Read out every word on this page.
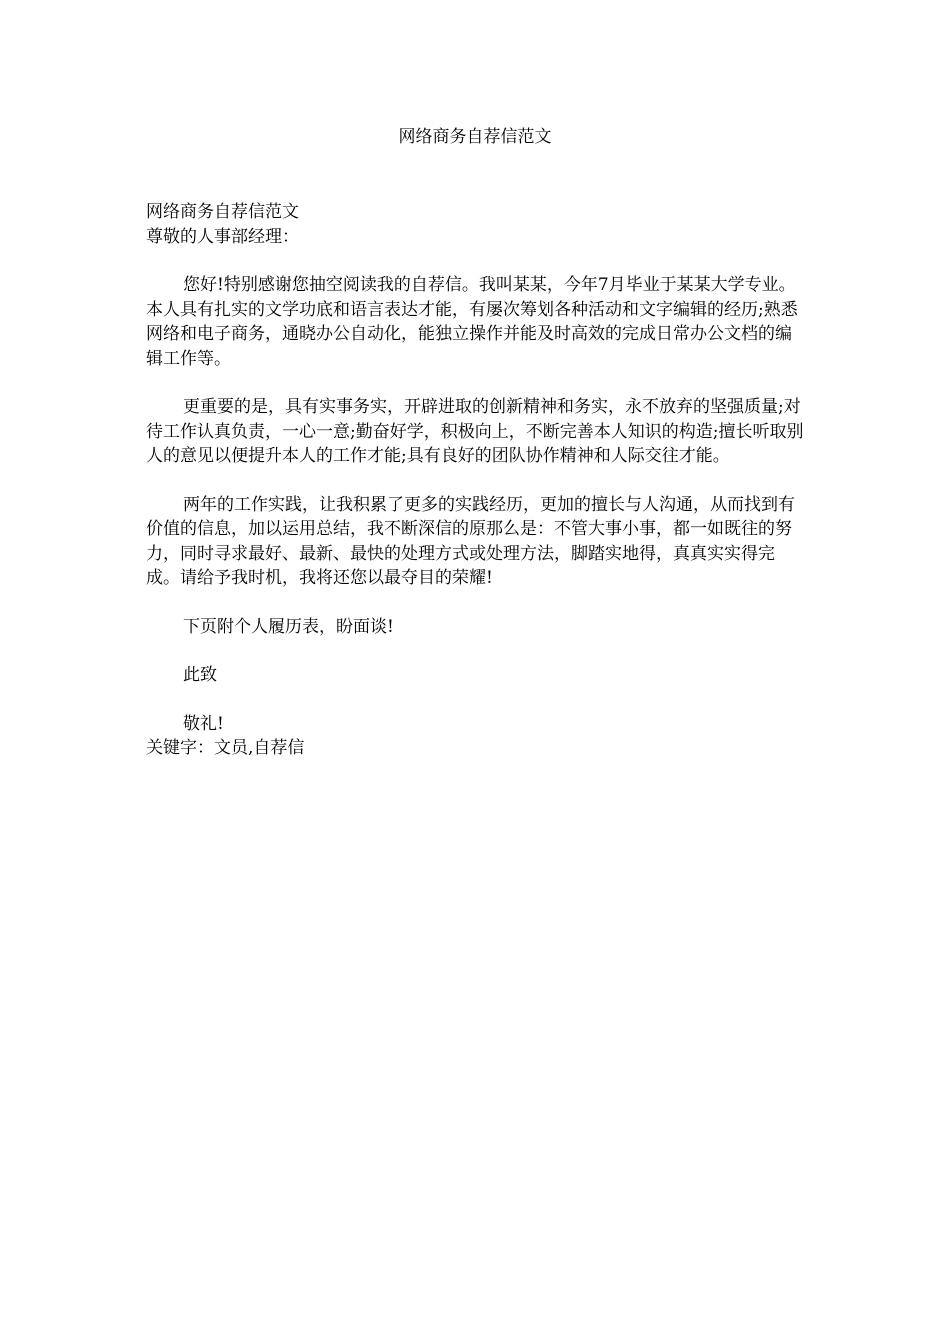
网络商务自荐信范文

网络商务自荐信范文

尊敬的人事部经理：

您好!特别感谢您抽空阅读我的自荐信。我叫某某，今年7月毕业于某某大学专业。本人具有扎实的文学功底和语言表达才能，有屡次筹划各种活动和文字编辑的经历;熟悉网络和电子商务，通晓办公自动化，能独立操作并能及时高效的完成日常办公文档的编辑工作等。

更重要的是，具有实事务实，开辟进取的创新精神和务实，永不放弃的坚强质量;对待工作认真负责，一心一意;勤奋好学，积极向上，不断完善本人知识的构造;擅长听取别人的意见以便提升本人的工作才能;具有良好的团队协作精神和人际交往才能。

两年的工作实践，让我积累了更多的实践经历，更加的擅长与人沟通，从而找到有价值的信息，加以运用总结，我不断深信的原那么是：不管大事小事，都一如既往的努力，同时寻求最好、最新、最快的处理方式或处理方法，脚踏实地得，真真实实得完成。请给予我时机，我将还您以最夺目的荣耀!

下页附个人履历表，盼面谈!

此致

敬礼!

关键字：文员,自荐信
